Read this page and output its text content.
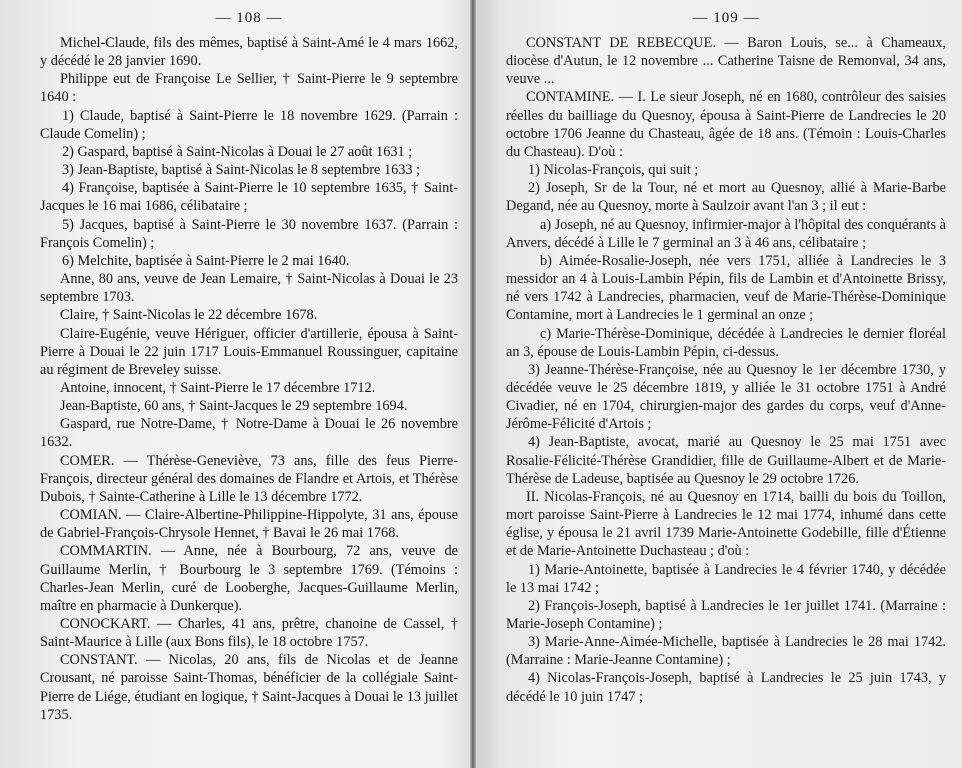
— 108 —

Michel-Claude, fils des mêmes, baptisé à Saint-Amé le 4 mars 1662, y décédé le 28 janvier 1690.

Philippe eut de Françoise Le Sellier, † Saint-Pierre le 9 septembre 1640 :

1) Claude, baptisé à Saint-Pierre le 18 novembre 1629. (Parrain : Claude Comelin) ;

2) Gaspard, baptisé à Saint-Nicolas à Douai le 27 août 1631 ;

3) Jean-Baptiste, baptisé à Saint-Nicolas le 8 septembre 1633 ;

4) Françoise, baptisée à Saint-Pierre le 10 septembre 1635, † Saint-Jacques le 16 mai 1686, célibataire ;

5) Jacques, baptisé à Saint-Pierre le 30 novembre 1637. (Parrain : François Comelin) ;

6) Melchite, baptisée à Saint-Pierre le 2 mai 1640.

Anne, 80 ans, veuve de Jean Lemaire, † Saint-Nicolas à Douai le 23 septembre 1703.

Claire, † Saint-Nicolas le 22 décembre 1678.

Claire-Eugénie, veuve Hériguer, officier d'artillerie, épousa à Saint-Pierre à Douai le 22 juin 1717 Louis-Emmanuel Roussinguer, capitaine au régiment de Breveley suisse.

Antoine, innocent, † Saint-Pierre le 17 décembre 1712.

Jean-Baptiste, 60 ans, † Saint-Jacques le 29 septembre 1694.

Gaspard, rue Notre-Dame, † Notre-Dame à Douai le 26 novembre 1632.

COMER. — Thérèse-Geneviève, 73 ans, fille des feus Pierre-François, directeur général des domaines de Flandre et Artois, et Thérèse Dubois, † Sainte-Catherine à Lille le 13 décembre 1772.

COMIAN. — Claire-Albertine-Philippine-Hippolyte, 31 ans, épouse de Gabriel-François-Chrysole Hennet, † Bavai le 26 mai 1768.

COMMARTIN. — Anne, née à Bourbourg, 72 ans, veuve de Guillaume Merlin, † Bourbourg le 3 septembre 1769. (Témoins : Charles-Jean Merlin, curé de Looberghe, Jacques-Guillaume Merlin, maître en pharmacie à Dunkerque).

CONOCKART. — Charles, 41 ans, prêtre, chanoine de Cassel, † Saint-Maurice à Lille (aux Bons fils), le 18 octobre 1757.

CONSTANT. — Nicolas, 20 ans, fils de Nicolas et de Jeanne Crousant, né paroisse Saint-Thomas, bénéficier de la collégiale Saint-Pierre de Liége, étudiant en logique, † Saint-Jacques à Douai le 13 juillet 1735.

— 109 —

CONSTANT DE REBECQUE. — Baron Louis, se... à Chameaux, diocèse d'Autun, le 12 novembre ... Catherine Taisne de Remonval, 34 ans, veuve ...

CONTAMINE. — I. Le sieur Joseph, né en 1680, contrôleur des saisies réelles du bailliage du Quesnoy, épousa à Saint-Pierre de Landrecies le 20 octobre 1706 Jeanne du Chasteau, âgée de 18 ans. (Témoin : Louis-Charles du Chasteau). D'où :

1) Nicolas-François, qui suit ;

2) Joseph, Sr de la Tour, né et mort au Quesnoy, allié à Marie-Barbe Degand, née au Quesnoy, morte à Saulzoir avant l'an 3 ; il eut :

a) Joseph, né au Quesnoy, infirmier-major à l'hôpital des conquérants à Anvers, décédé à Lille le 7 germinal an 3 à 46 ans, célibataire ;

b) Aimée-Rosalie-Joseph, née vers 1751, alliée à Landrecies le 3 messidor an 4 à Louis-Lambin Pépin, fils de Lambin et d'Antoinette Brissy, né vers 1742 à Landrecies, pharmacien, veuf de Marie-Thérèse-Dominique Contamine, mort à Landrecies le 1 germinal an onze ;

c) Marie-Thérèse-Dominique, décédée à Landrecies le dernier floréal an 3, épouse de Louis-Lambin Pépin, ci-dessus.

3) Jeanne-Thérèse-Françoise, née au Quesnoy le 1er décembre 1730, y décédée veuve le 25 décembre 1819, y alliée le 31 octobre 1751 à André Civadier, né en 1704, chirurgien-major des gardes du corps, veuf d'Anne-Jérôme-Félicité d'Artois ;

4) Jean-Baptiste, avocat, marié au Quesnoy le 25 mai 1751 avec Rosalie-Félicité-Thérèse Grandidier, fille de Guillaume-Albert et de Marie-Thérèse de Ladeuse, baptisée au Quesnoy le 29 octobre 1726.

II. Nicolas-François, né au Quesnoy en 1714, bailli du bois du Toillon, mort paroisse Saint-Pierre à Landrecies le 12 mai 1774, inhumé dans cette église, y épousa le 21 avril 1739 Marie-Antoinette Godebille, fille d'Étienne et de Marie-Antoinette Duchasteau ; d'où :

1) Marie-Antoinette, baptisée à Landrecies le 4 février 1740, y décédée le 13 mai 1742 ;

2) François-Joseph, baptisé à Landrecies le 1er juillet 1741. (Marraine : Marie-Joseph Contamine) ;

3) Marie-Anne-Aimée-Michelle, baptisée à Landrecies le 28 mai 1742. (Marraine : Marie-Jeanne Contamine) ;

4) Nicolas-François-Joseph, baptisé à Landrecies le 25 juin 1743, y décédé le 10 juin 1747 ;
